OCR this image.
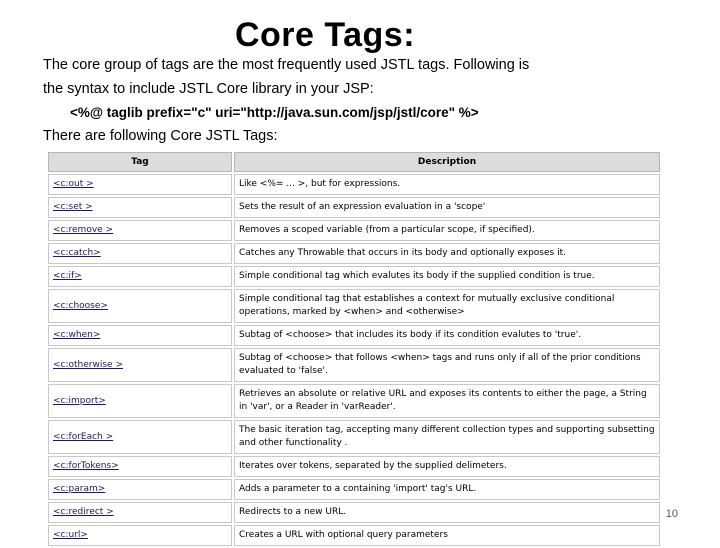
Core Tags:
The core group of tags are the most frequently used JSTL tags. Following is
the syntax to include JSTL Core library in your JSP:
<%@ taglib prefix="c" uri="http://java.sun.com/jsp/jstl/core" %>
There are following Core JSTL Tags:
Tag	Description
<c:out >	Like <%= ... >, but for expressions.
<c:set >	Sets the result of an expression evaluation in a 'scope'
<c:remove >	Removes a scoped variable (from a particular scope, if specified).
<c:catch>	Catches any Throwable that occurs in its body and optionally exposes it.
<c:if>	Simple conditional tag which evalutes its body if the supplied condition is true.
<c:choose>	Simple conditional tag that establishes a context for mutually exclusive conditional operations, marked by <when> and <otherwise>
<c:when>	Subtag of <choose> that includes its body if its condition evalutes to 'true'.
<c:otherwise >	Subtag of <choose> that follows <when> tags and runs only if all of the prior conditions evaluated to 'false'.
<c:import>	Retrieves an absolute or relative URL and exposes its contents to either the page, a String in 'var', or a Reader in 'varReader'.
<c:forEach >	The basic iteration tag, accepting many different collection types and supporting subsetting and other functionality .
<c:forTokens>	Iterates over tokens, separated by the supplied delimeters.
<c:param>	Adds a parameter to a containing 'import' tag's URL.
<c:redirect >	Redirects to a new URL.
<c:url>	Creates a URL with optional query parameters
10
